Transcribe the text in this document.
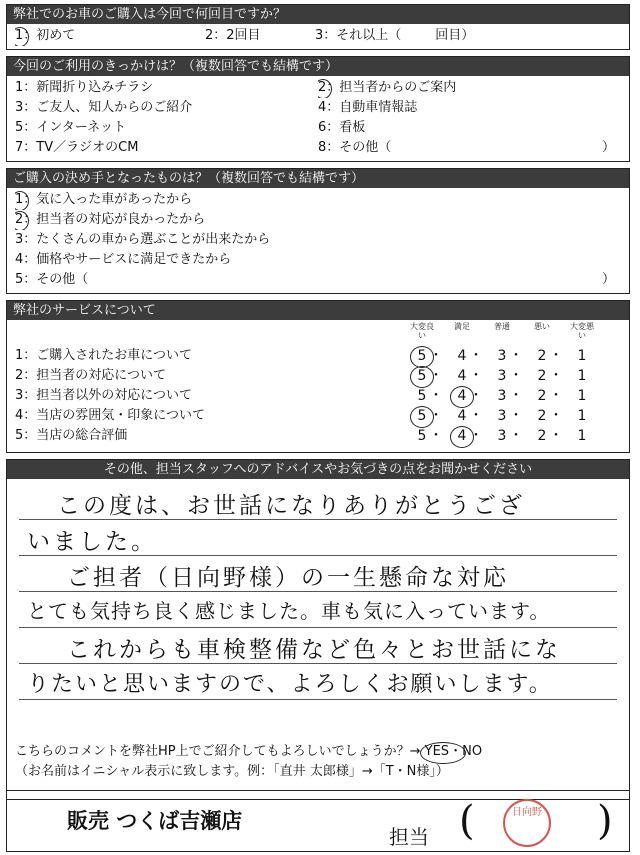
弊社でのお車のご購入は今回で何回目ですか？
1：初めて	2：2回目	3：それ以上（	回目）
今回のご利用のきっかけは？（複数回答でも結構です）
1：新聞折り込みチラシ	2：担当者からのご案内
3：ご友人、知人からのご紹介	4：自動車情報誌
5：インターネット	6：看板
7：TV／ラジオのCM	8：その他（	）
ご購入の決め手となったものは？（複数回答でも結構です）
1：気に入った車があったから
2：担当者の対応が良かったから
3：たくさんの車から選ぶことが出来たから
4：価格やサービスに満足できたから
5：その他（	）
弊社のサービスについて
大変良い
満足	普通	悪い	大変悪い
1：ご購入されたお車について	5 ・ 4 ・ 3 ・ 2 ・ 1
2：担当者の対応について	5 ・ 4 ・ 3 ・ 2 ・ 1
3：担当者以外の対応について	5 ・ 4 ・ 3 ・ 2 ・ 1
4：当店の雰囲気・印象について	5 ・ 4 ・ 3 ・ 2 ・ 1
5：当店の総合評価	5 ・ 4 ・ 3 ・ 2 ・ 1
その他、担当スタッフへのアドバイスやお気づきの点をお聞かせください
こちらのコメントを弊社HP上でご紹介してもよろしいでしょうか？→ YES・NO
（お名前はイニシャル表示に致します。例：「直井 太郎様」→「T・N様」）
この度は、お世話になりありがとうござ
いました。
ご担者（日向野様）の一生懸命な対応
とても気持ち良く感じました。車も気に入っています。
これからも車検整備など色々とお世話にな
りたいと思いますので、よろしくお願いします。
販売 つくば吉瀬店
担当 (	日向野 )
